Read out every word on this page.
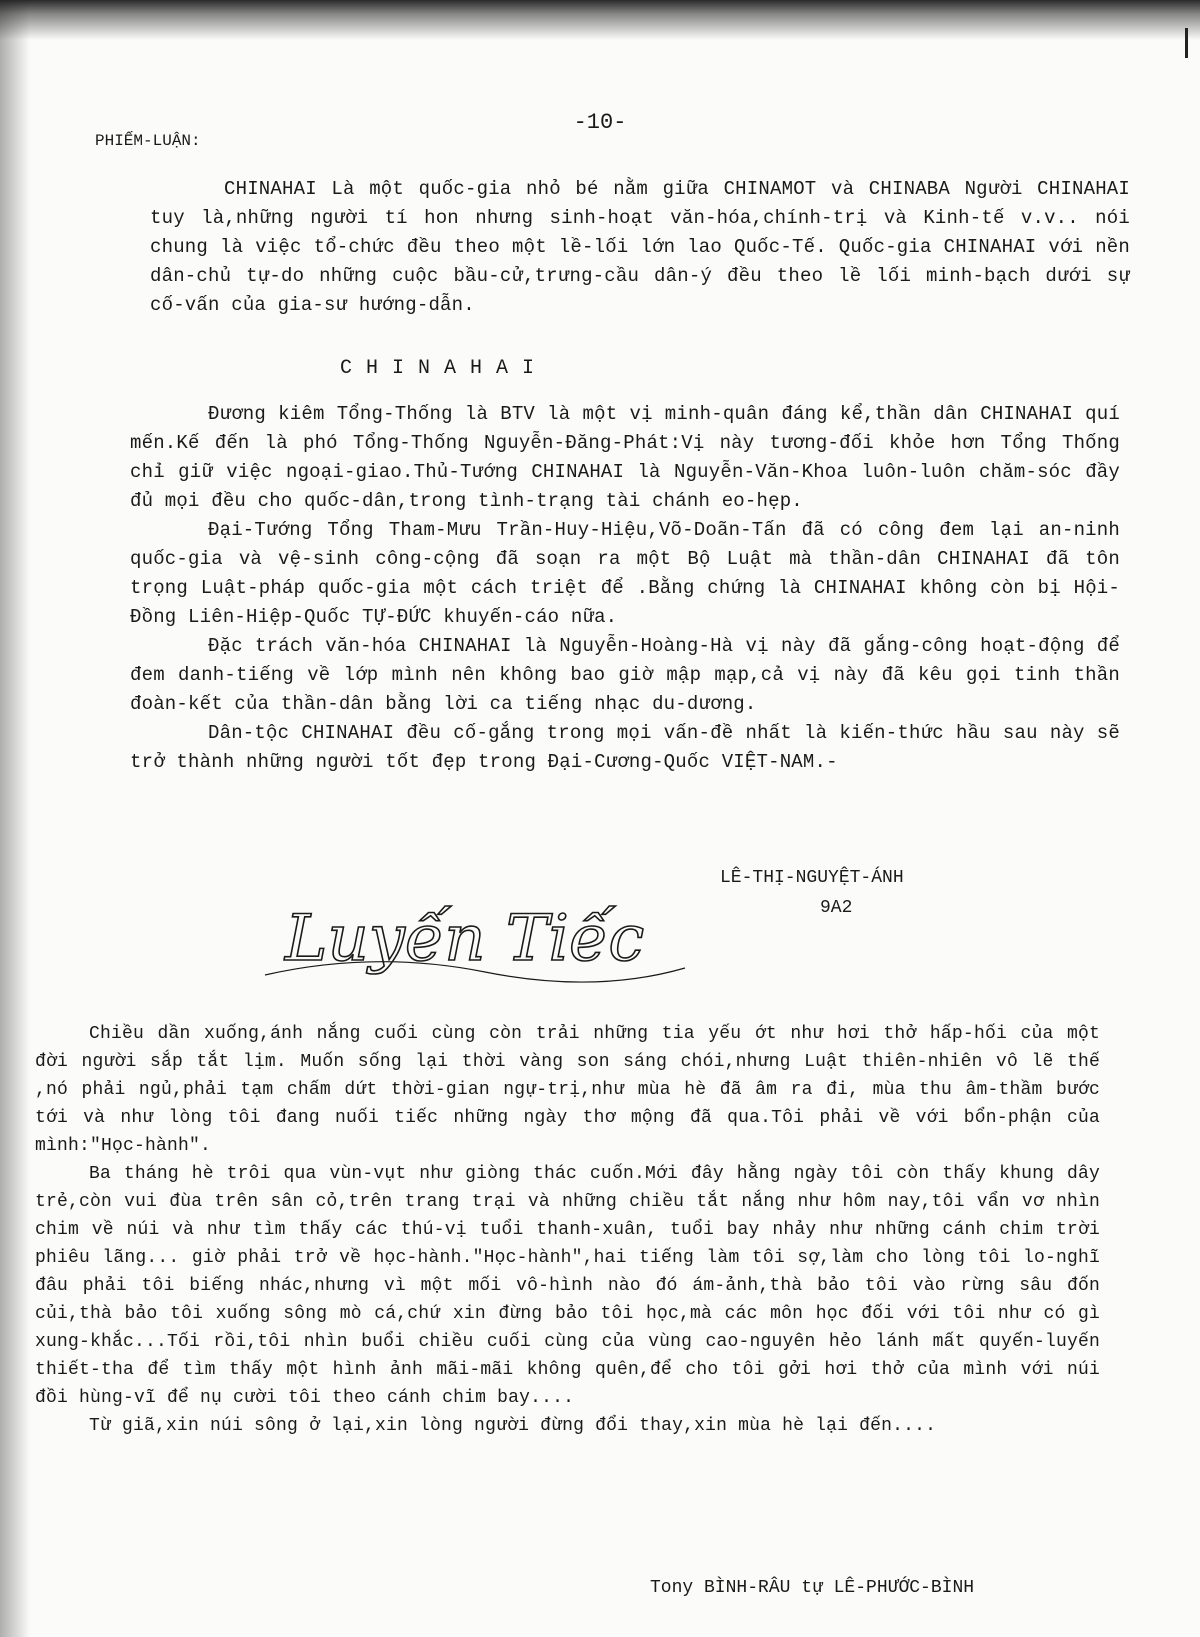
-10-
PHIẾM-LUẬN:

CHINAHAI Là một quốc-gia nhỏ bé nằm giữa CHINAMOT và CHINABA Người CHINAHAI tuy là,những người tí hon nhưng sinh-hoạt văn-hóa,chính-trị và Kinh-tế v.v.. nói chung là việc tổ-chức đều theo một lề-lối lớn lao Quốc-Tế. Quốc-gia CHINAHAI với nền dân-chủ tự-do những cuộc bầu-cử,trưng-cầu dân-ý đều theo lề lối minh-bạch dưới sự cố-vấn của gia-sư hướng-dẫn.

CHINAHAI

Đương kiêm Tổng-Thống là BTV là một vị minh-quân đáng kể,thần dân CHINAHAI quí mến.Kế đến là phó Tổng-Thống Nguyễn-Đăng-Phát:Vị này tương-đối khỏe hơn Tổng Thống chỉ giữ việc ngoại-giao.Thủ-Tướng CHINAHAI là Nguyễn-Văn-Khoa luôn-luôn chăm-sóc đầy đủ mọi đều cho quốc-dân,trong tình-trạng tài chánh eo-hẹp.

Đại-Tướng Tổng Tham-Mưu Trần-Huy-Hiệu,Võ-Doãn-Tấn đã có công đem lại an-ninh quốc-gia và vệ-sinh công-cộng đã soạn ra một Bộ Luật mà thần-dân CHINAHAI đã tôn trọng Luật-pháp quốc-gia một cách triệt để .Bằng chứng là CHINAHAI không còn bị Hội-Đồng Liên-Hiệp-Quốc TỰ-ĐỨC khuyến-cáo nữa.

Đặc trách văn-hóa CHINAHAI là Nguyễn-Hoàng-Hà vị này đã gắng-công hoạt-động để đem danh-tiếng về lớp mình nên không bao giờ mập mạp,cả vị này đã kêu gọi tinh thần đoàn-kết của thần-dân bằng lời ca tiếng nhạc du-dương.

Dân-tộc CHINAHAI đều cố-gắng trong mọi vấn-đề nhất là kiến-thức hầu sau này sẽ trở thành những người tốt đẹp trong Đại-Cương-Quốc VIỆT-NAM.-

LÊ-THỊ-NGUYỆT-ÁNH
9A2
Luyến Tiếc

Chiều dần xuống,ánh nắng cuối cùng còn trải những tia yếu ớt như hơi thở hấp-hối của một đời người sắp tắt lịm. Muốn sống lại thời vàng son sáng chói,nhưng Luật thiên-nhiên vô lẽ thế ,nó phải ngủ,phải tạm chấm dứt thời-gian ngự-trị,như mùa hè đã âm ra đi, mùa thu âm-thầm bước tới và như lòng tôi đang nuối tiếc những ngày thơ mộng đã qua.Tôi phải về với bổn-phận của mình:"Học-hành".

Ba tháng hè trôi qua vùn-vụt như giòng thác cuốn.Mới đây hằng ngày tôi còn thấy khung dây trẻ,còn vui đùa trên sân cỏ,trên trang trại và những chiều tắt nắng như hôm nay,tôi vẩn vơ nhìn chim về núi và như tìm thấy các thú-vị tuổi thanh-xuân, tuổi bay nhảy như những cánh chim trời phiêu lãng... giờ phải trở về học-hành."Học-hành",hai tiếng làm tôi sợ,làm cho lòng tôi lo-nghĩ đâu phải tôi biếng nhác,nhưng vì một mối vô-hình nào đó ám-ảnh,thà bảo tôi vào rừng sâu đốn củi,thà bảo tôi xuống sông mò cá,chứ xin đừng bảo tôi học,mà các môn học đối với tôi như có gì xung-khắc...Tối rồi,tôi nhìn buổi chiều cuối cùng của vùng cao-nguyên hẻo lánh mất quyến-luyến thiết-tha để tìm thấy một hình ảnh mãi-mãi không quên,để cho tôi gởi hơi thở của mình với núi đồi hùng-vĩ để nụ cười tôi theo cánh chim bay....

Từ giã,xin núi sông ở lại,xin lòng người đừng đổi thay,xin mùa hè lại đến....

Tony BÌNH-RÂU tự LÊ-PHƯỚC-BÌNH
